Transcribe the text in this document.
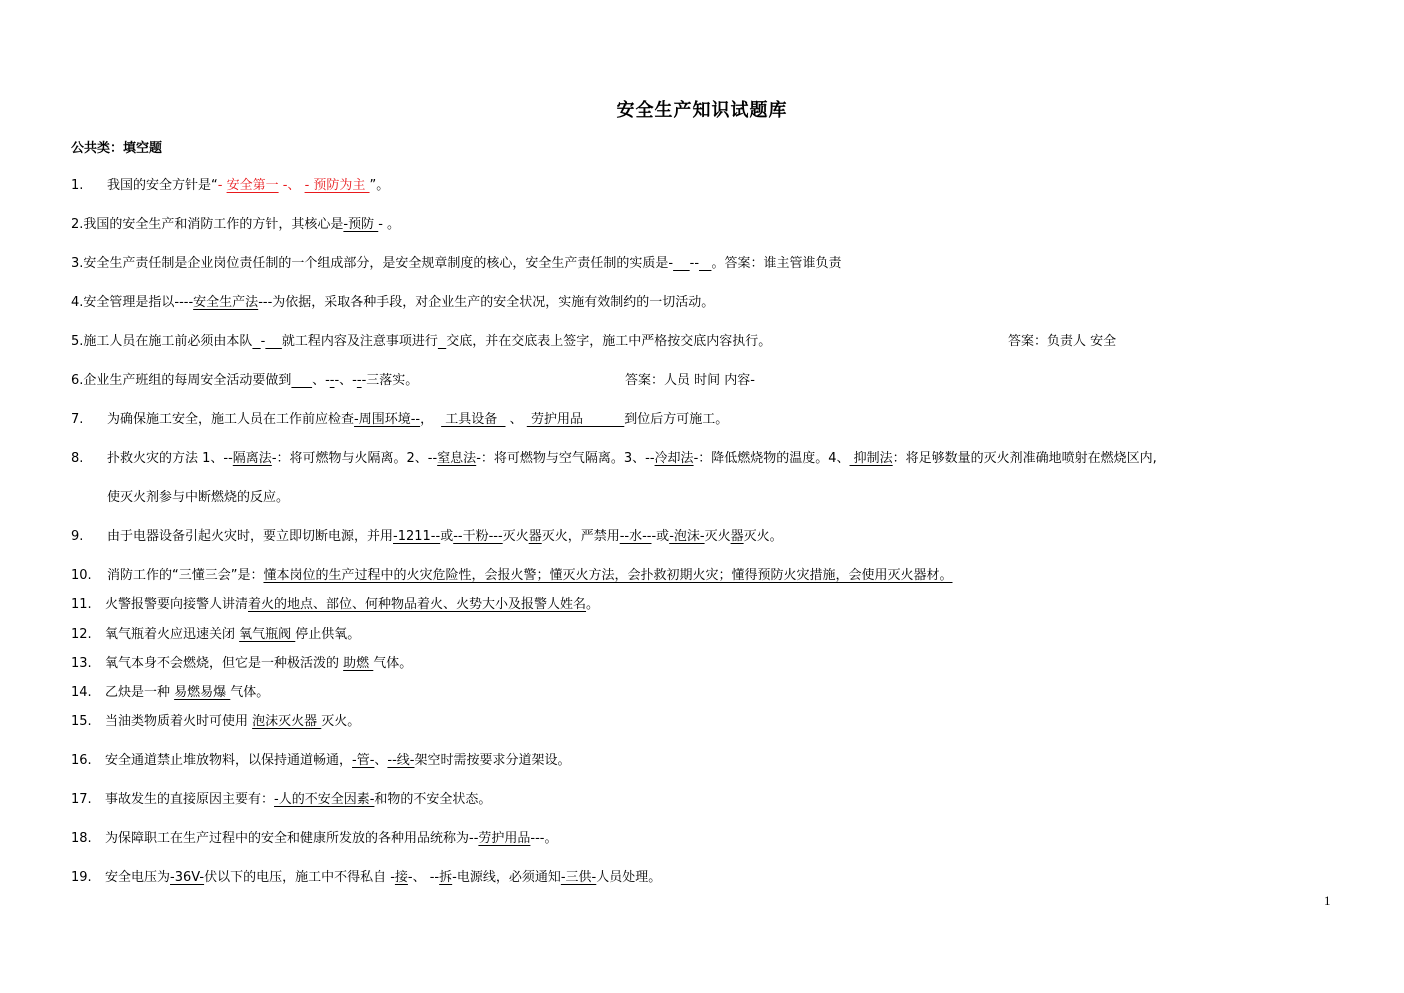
安全生产知识试题库
公共类：填空题
1. 我国的安全方针是“- 安全第一 -、 - 预防为主 ”。
2.我国的安全生产和消防工作的方针，其核心是-预防 - 。
3.安全生产责任制是企业岗位责任制的一个组成部分，是安全规章制度的核心，安全生产责任制的实质是- -- 。答案：谁主管谁负责
4.安全管理是指以----安全生产法---为依据，采取各种手段，对企业生产的安全状况，实施有效制约的一切活动。
5.施工人员在施工前必须由本队 - 就工程内容及注意事项进行 交底，并在交底表上签字，施工中严格按交底内容执行。	答案：负责人 安全
6.企业生产班组的每周安全活动要做到 、---、---三落实。	答案：人员 时间 内容-
7. 为确保施工安全，施工人员在工作前应检查-周围环境--， 工具设备   、  劳护用品          到位后方可施工。
8. 扑救火灾的方法 1、--隔离法-：将可燃物与火隔离。2、--窒息法-：将可燃物与空气隔离。3、--冷却法-：降低燃烧物的温度。4、 抑制法：将足够数量的灭火剂准确地喷射在燃烧区内,
使灭火剂参与中断燃烧的反应。
9. 由于电器设备引起火灾时，要立即切断电源，并用-1211--或--干粉---灭火器灭火，严禁用--水---或-泡沫-灭火器灭火。
10. 消防工作的“三懂三会”是：懂本岗位的生产过程中的火灾危险性，会报火警；懂灭火方法，会扑救初期火灾；懂得预防火灾措施，会使用灭火器材。
11. 火警报警要向接警人讲清着火的地点、部位、何种物品着火、火势大小及报警人姓名。
12. 氧气瓶着火应迅速关闭 氧气瓶阀 停止供氧。
13. 氧气本身不会燃烧，但它是一种极活泼的 助燃 气体。
14. 乙炔是一种 易燃易爆 气体。
15. 当油类物质着火时可使用 泡沫灭火器 灭火。
16. 安全通道禁止堆放物料，以保持通道畅通，-管-、--线-架空时需按要求分道架设。
17. 事故发生的直接原因主要有：-人的不安全因素-和物的不安全状态。
18. 为保障职工在生产过程中的安全和健康所发放的各种用品统称为--劳护用品---。
19. 安全电压为-36V-伏以下的电压，施工中不得私自 -接-、 --拆-电源线，必须通知-三供-人员处理。
1
